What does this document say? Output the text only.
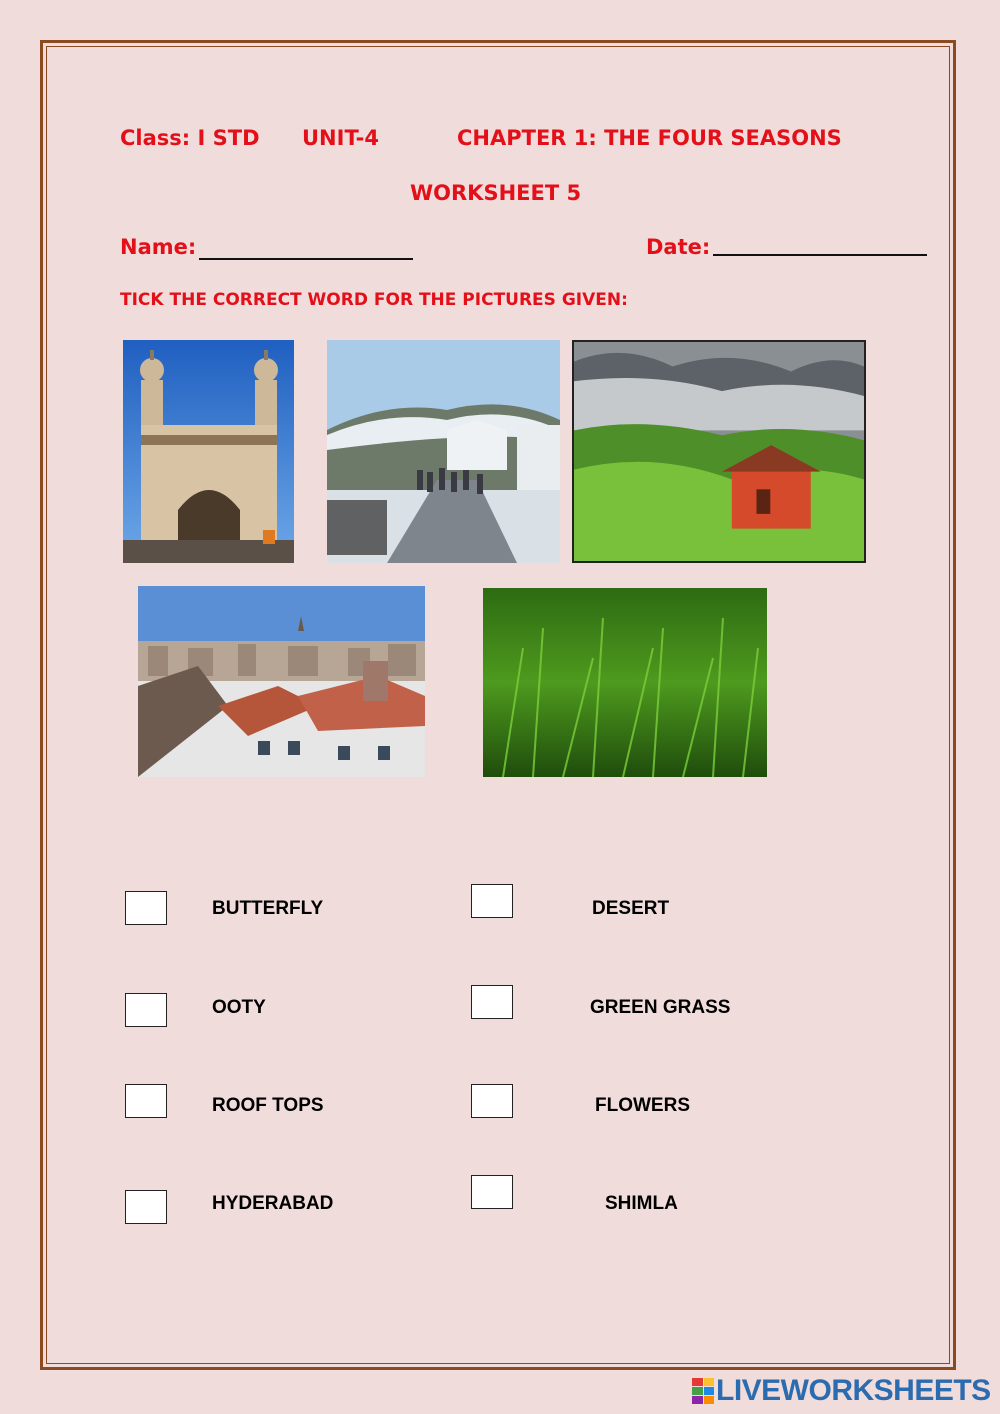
Class: I STD UNIT-4	CHAPTER 1: THE FOUR SEASONS
WORKSHEET 5
Name:	Date:
TICK THE CORRECT WORD FOR THE PICTURES GIVEN:
BUTTERFLY
OOTY
ROOF TOPS
HYDERABAD
DESERT
GREEN GRASS
FLOWERS
SHIMLA
LIVEWORKSHEETS
